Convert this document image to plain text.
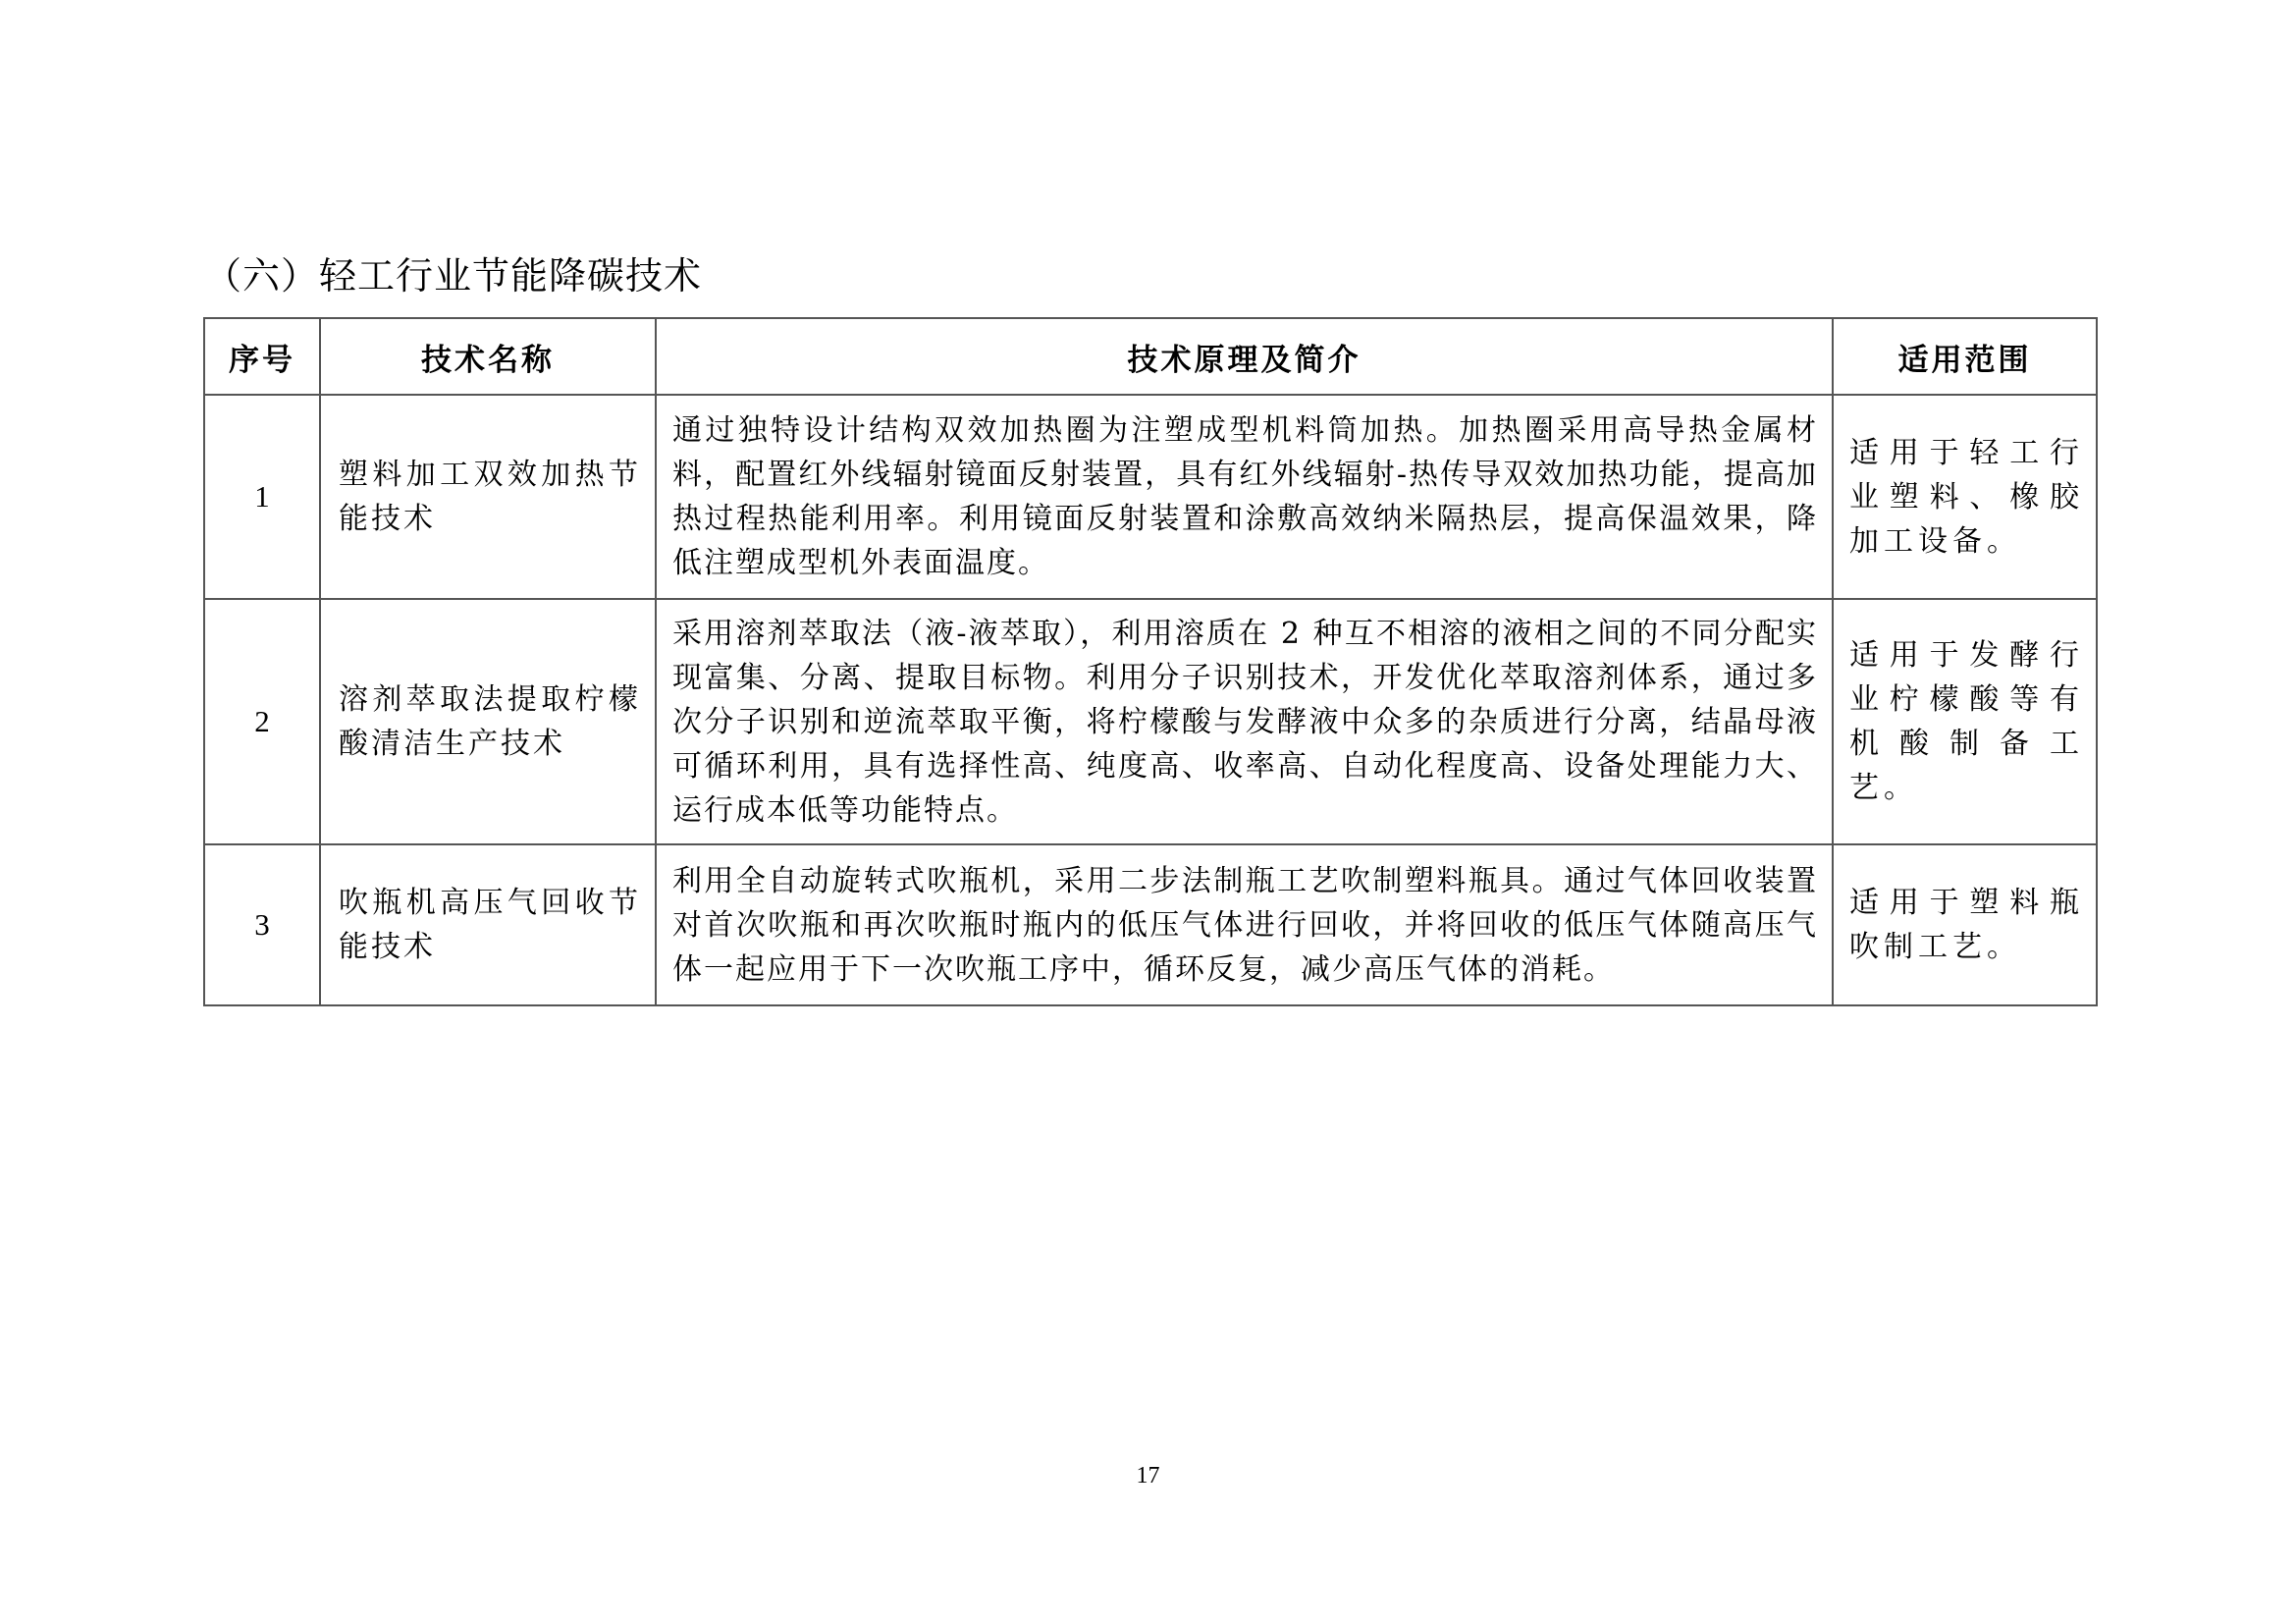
（六）轻工行业节能降碳技术
序号	技术名称	技术原理及简介	适用范围
1	塑料加工双效加热节能技术	通过独特设计结构双效加热圈为注塑成型机料筒加热。加热圈采用高导热金属材料，配置红外线辐射镜面反射装置，具有红外线辐射-热传导双效加热功能，提高加热过程热能利用率。利用镜面反射装置和涂敷高效纳米隔热层，提高保温效果，降低注塑成型机外表面温度。	适用于轻工行业塑料、橡胶加工设备。

2	溶剂萃取法提取柠檬酸清洁生产技术	采用溶剂萃取法（液-液萃取），利用溶质在 2 种互不相溶的液相之间的不同分配实现富集、分离、提取目标物。利用分子识别技术，开发优化萃取溶剂体系，通过多次分子识别和逆流萃取平衡，将柠檬酸与发酵液中众多的杂质进行分离，结晶母液可循环利用，具有选择性高、纯度高、收率高、自动化程度高、设备处理能力大、运行成本低等功能特点。	适用于发酵行业柠檬酸等有机酸制备工艺。

3	吹瓶机高压气回收节能技术	利用全自动旋转式吹瓶机，采用二步法制瓶工艺吹制塑料瓶具。通过气体回收装置对首次吹瓶和再次吹瓶时瓶内的低压气体进行回收，并将回收的低压气体随高压气体一起应用于下一次吹瓶工序中，循环反复，减少高压气体的消耗。	适用于塑料瓶吹制工艺。
17
